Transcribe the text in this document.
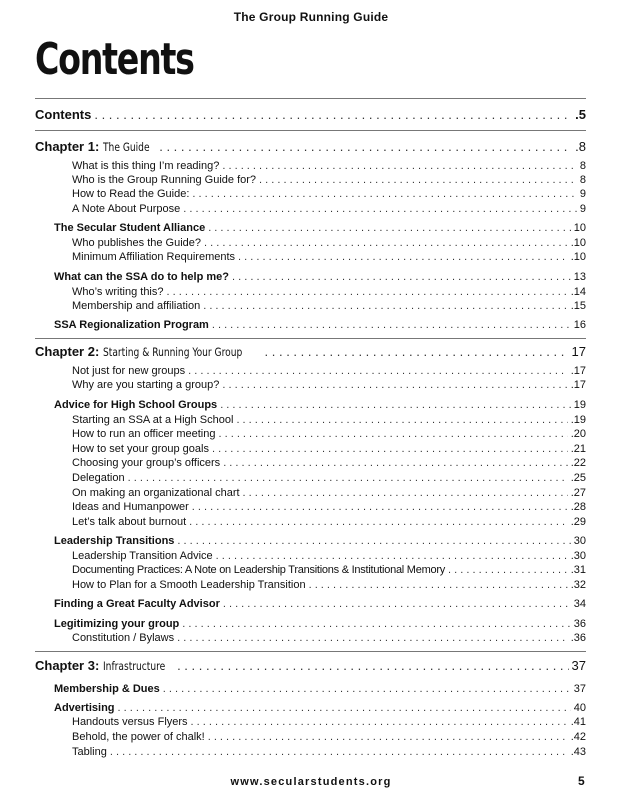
The Group Running Guide
Contents
Contents . . .	.5
Chapter 1: The Guide . . .	.8
What is this thing I’m reading? . . .	8
Who is the Group Running Guide for? . . .	8
How to Read the Guide: . . .	9
A Note About Purpose . . .	9
The Secular Student Alliance . . .	10
Who publishes the Guide? . . .	.10
Minimum Affiliation Requirements . . .	.10
What can the SSA do to help me? . . .	13
Who’s writing this? . . .	.14
Membership and affiliation . . .	.15
SSA Regionalization Program . . .	16
Chapter 2: Starting & Running Your Group . . .	17
Not just for new groups . . .	.17
Why are you starting a group? . . .	.17
Advice for High School Groups . . .	19
Starting an SSA at a High School . . .	.19
How to run an officer meeting . . .	.20
How to set your group goals . . .	.21
Choosing your group’s officers . . .	.22
Delegation . . .	.25
On making an organizational chart . . .	.27
Ideas and Humanpower . . .	.28
Let’s talk about burnout . . .	.29
Leadership Transitions . . .	30
Leadership Transition Advice . . .	.30
Documenting Practices: A Note on Leadership Transitions & Institutional Memory . . .	.31
How to Plan for a Smooth Leadership Transition . . .	.32
Finding a Great Faculty Advisor . . .	34
Legitimizing your group . . .	36
Constitution / Bylaws . . .	.36
Chapter 3: Infrastructure . . .	37
Membership & Dues . . .	37
Advertising . . .	40
Handouts versus Flyers . . .	.41
Behold, the power of chalk! . . .	.42
Tabling . . .	.43
www.secularstudents.org	5
